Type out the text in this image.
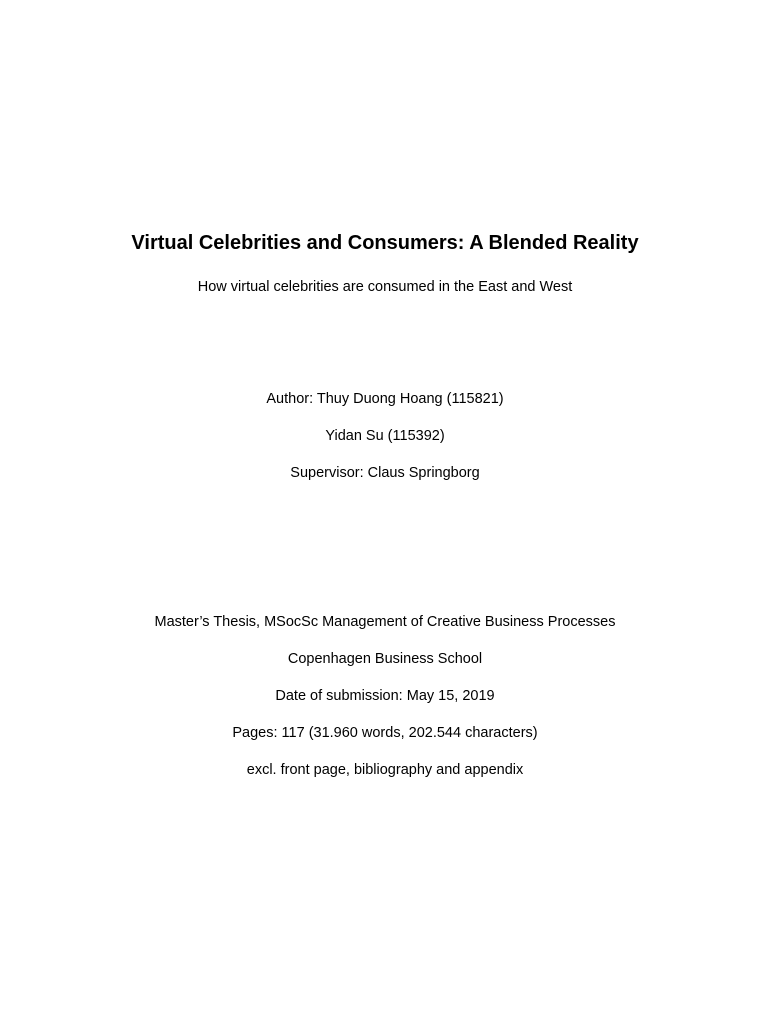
Virtual Celebrities and Consumers: A Blended Reality
How virtual celebrities are consumed in the East and West
Author: Thuy Duong Hoang (115821)
Yidan Su (115392)
Supervisor: Claus Springborg
Master’s Thesis, MSocSc Management of Creative Business Processes
Copenhagen Business School
Date of submission: May 15, 2019
Pages: 117 (31.960 words, 202.544 characters)
excl. front page, bibliography and appendix
